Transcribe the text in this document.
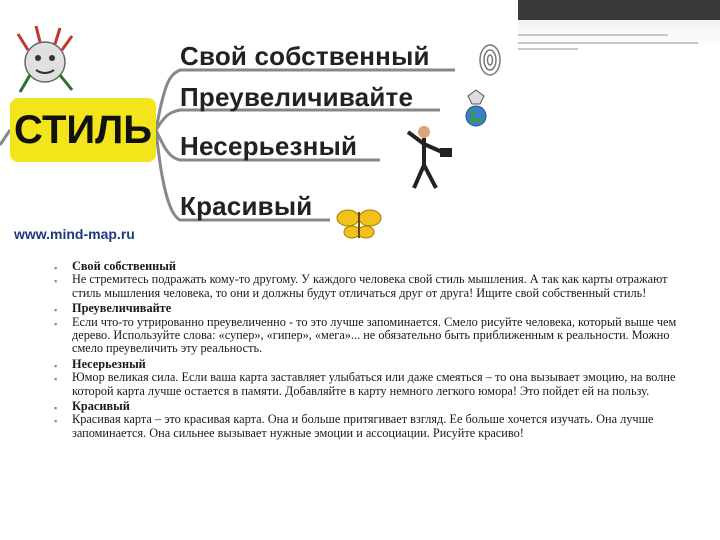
СТИЛЬ
Свой собственный
Преувеличивайте
Несерьезный
Красивый
www.mind-map.ru
▪ Свой собственный
▪ Не стремитесь подражать кому-то другому. У каждого человека свой стиль мышления. А так как карты отражают стиль мышления человека, то они и должны будут отличаться друг от друга! Ищите свой собственный стиль!
▪ Преувеличивайте
▪ Если что-то утрированно преувеличенно - то это лучше запоминается. Смело рисуйте человека, который выше чем дерево. Используйте слова: «супер», «гипер», «мега»... не обязательно быть приближенным к реальности. Можно смело преувеличить эту реальность.
▪ Несерьезный
▪ Юмор великая сила. Если ваша карта заставляет улыбаться или даже смеяться – то она вызывает эмоцию, на волне которой карта лучше остается в памяти. Добавляйте в карту немного легкого юмора! Это пойдет ей на пользу.
▪ Красивый
▪ Красивая карта – это красивая карта. Она и больше притягивает взгляд. Ее больше хочется изучать. Она лучше запоминается. Она сильнее вызывает нужные эмоции и ассоциации. Рисуйте красиво!
